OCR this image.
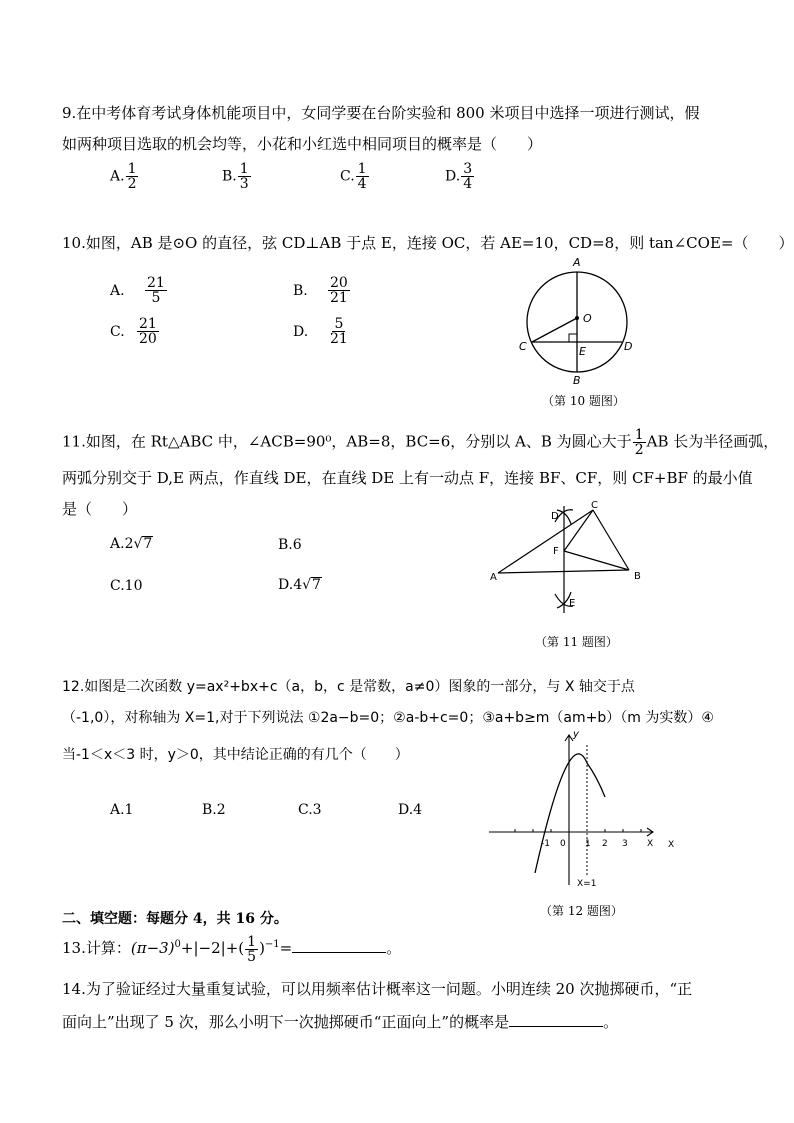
9.在中考体育考试身体机能项目中，女同学要在台阶实验和 800 米项目中选择一项进行测试，假
如两种项目选取的机会均等，小花和小红选中相同项目的概率是（　　）
A. $\frac{1}{2}$	B. $\frac{1}{3}$	C. $\frac{1}{4}$	D. $\frac{3}{4}$
10.如图，AB 是⊙O 的直径，弦 CD⊥AB 于点 E，连接 OC，若 AE=10，CD=8，则 tan∠COE=（　　）
A. $\frac{21}{5}$	B. $\frac{20}{21}$
C. $\frac{21}{20}$	D. $\frac{5}{21}$
A
B
C	D
E
O
（第 10 题图）
11.如图，在 Rt△ABC 中，∠ACB=90⁰，AB=8，BC=6，分别以 A、B 为圆心大于 $\frac{1}{2}$ AB 长为半径画弧，
两弧分别交于 D,E 两点，作直线 DE，在直线 DE 上有一动点 F，连接 BF、CF，则 CF+BF 的最小值
是（　　）
A.2√7	B.6
C.10	D.4√7
D
C
F
A	B
E
（第 11 题图）
12.如图是二次函数 y=ax²+bx+c（a，b，c 是常数，a≠0）图象的一部分，与 X 轴交于点
（-1,0），对称轴为 X=1,对于下列说法 ①2a−b=0；②a-b+c=0；③a+b≥m（am+b）（m 为实数）④
当-1＜x＜3 时，y＞0，其中结论正确的有几个（　　）
A.1	B.2	C.3	D.4
y
X X
-1 0 1 2 3
X=1
（第 12 题图）
二、填空题：每题分 4，共 16 分。
13.计算：$(\pi-3)^0+|-2|+( \frac{1}{5} )^{-1}=$	。
14.为了验证经过大量重复试验，可以用频率估计概率这一问题。小明连续 20 次抛掷硬币，“正
面向上”出现了 5 次，那么小明下一次抛掷硬币“正面向上”的概率是	。
